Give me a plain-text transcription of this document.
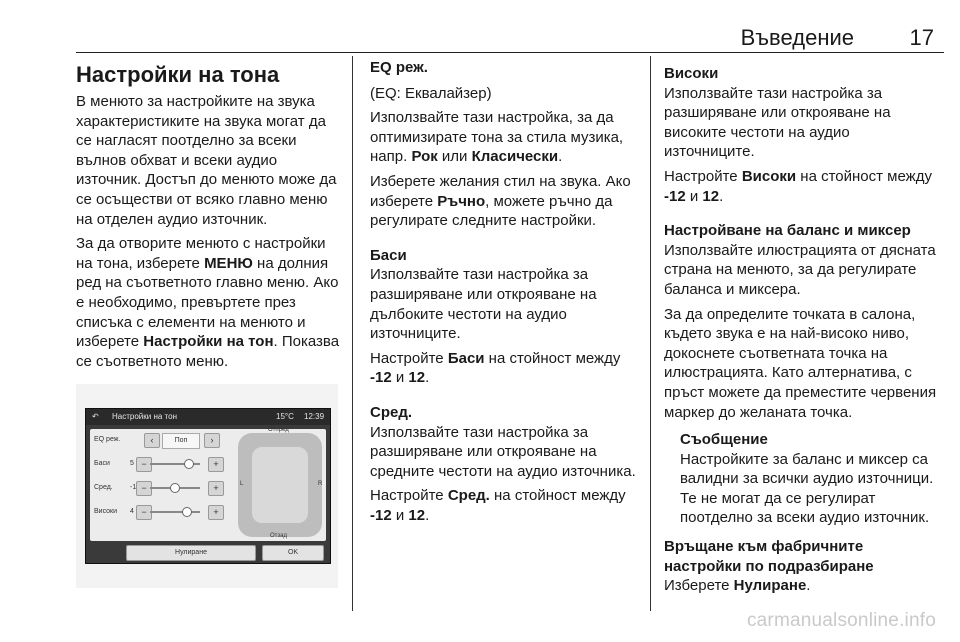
Въведение	17
Настройки на тона

В менюто за настройките на звука характеристиките на звука могат да се нагласят поотделно за всеки вълнов обхват и всеки аудио източник. Достъп до менюто може да се осъществи от всяко главно меню на отделен аудио източник.

За да отворите менюто с настройки на тона, изберете МЕНЮ на долния ред на съответното главно меню. Ако е необходимо, превъртете през списъка с елементи на менюто и изберете Настройки на тон. Показва се съответното меню.

↶ Настройки на тон	15°C 12:39
EQ реж.	‹	Поп	›
Баси	5 −	+
Сред. -1 −	+
Високи 4 −	+
Отпред
Отзад
L	R
Нулиране	OK
EQ реж.

(EQ: Еквалайзер)

Използвайте тази настройка, за да оптимизирате тона за стила музика, напр. Рок или Класически.

Изберете желания стил на звука. Ако изберете Ръчно, можете ръчно да регулирате следните настройки.

Баси

Използвайте тази настройка за разширяване или открояване на дълбоките честоти на аудио източниците.

Настройте Баси на стойност между -12 и 12.

Сред.

Използвайте тази настройка за разширяване или открояване на средните честоти на аудио източника.

Настройте Сред. на стойност между -12 и 12.

Високи

Използвайте тази настройка за разширяване или открояване на високите честоти на аудио източниците.

Настройте Високи на стойност между -12 и 12.

Настройване на баланс и миксер

Използвайте илюстрацията от дясната страна на менюто, за да регулирате баланса и миксера.

За да определите точката в салона, където звука е на най-високо ниво, докоснете съответната точка на илюстрацията. Като алтернатива, с пръст можете да преместите червения маркер до желаната точка.

Съобщение

Настройките за баланс и миксер са валидни за всички аудио източници. Те не могат да се регулират поотделно за всеки аудио източник.

Връщане към фабричните настройки по подразбиране

Изберете Нулиране.

carmanualsonline.info
